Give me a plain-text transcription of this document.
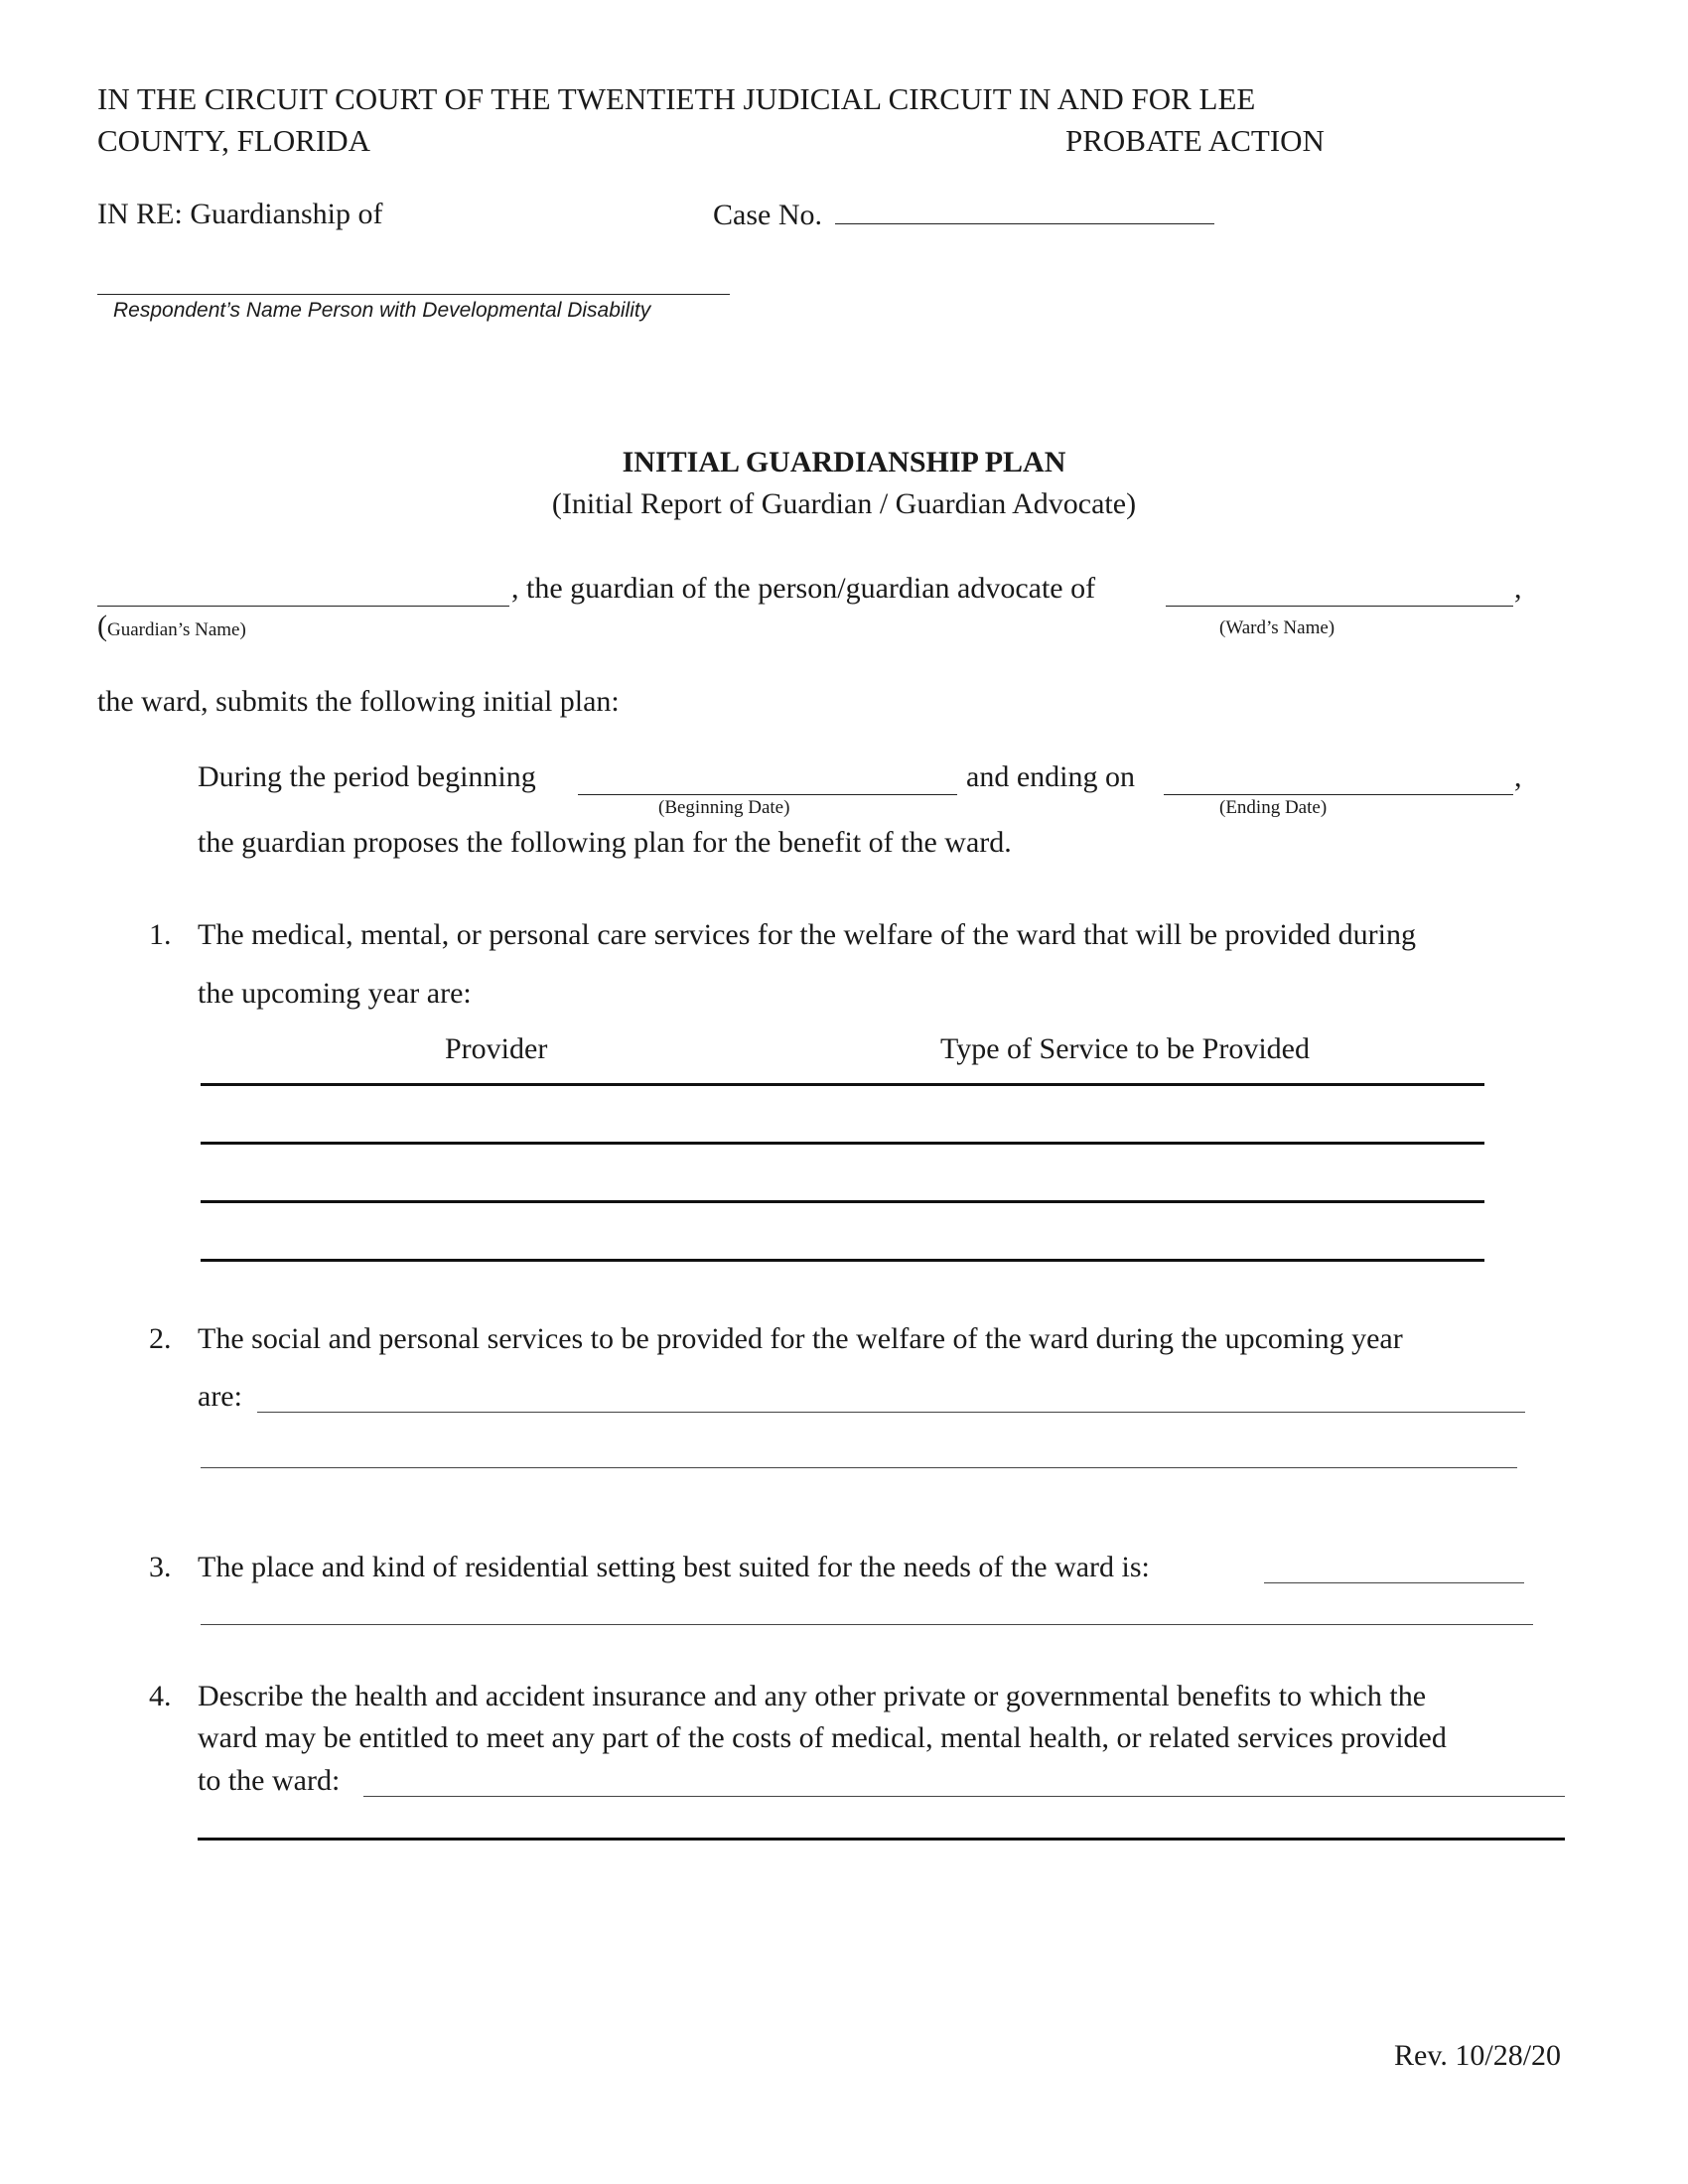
IN THE CIRCUIT COURT OF THE TWENTIETH JUDICIAL CIRCUIT IN AND FOR LEE
COUNTY, FLORIDA	PROBATE ACTION
IN RE: Guardianship of	Case No.
Respondent’s Name Person with Developmental Disability
INITIAL GUARDIANSHIP PLAN
(Initial Report of Guardian / Guardian Advocate)
, the guardian of the person/guardian advocate of	,
(Guardian’s Name)	(Ward’s Name)
the ward, submits the following initial plan:
During the period beginning	and ending on	,
(Beginning Date)	(Ending Date)
the guardian proposes the following plan for the benefit of the ward.
1. The medical, mental, or personal care services for the welfare of the ward that will be provided during
the upcoming year are:
Provider	Type of Service to be Provided
2. The social and personal services to be provided for the welfare of the ward during the upcoming year
are:
3. The place and kind of residential setting best suited for the needs of the ward is:
4. Describe the health and accident insurance and any other private or governmental benefits to which the
ward may be entitled to meet any part of the costs of medical, mental health, or related services provided
to the ward:
Rev. 10/28/20
